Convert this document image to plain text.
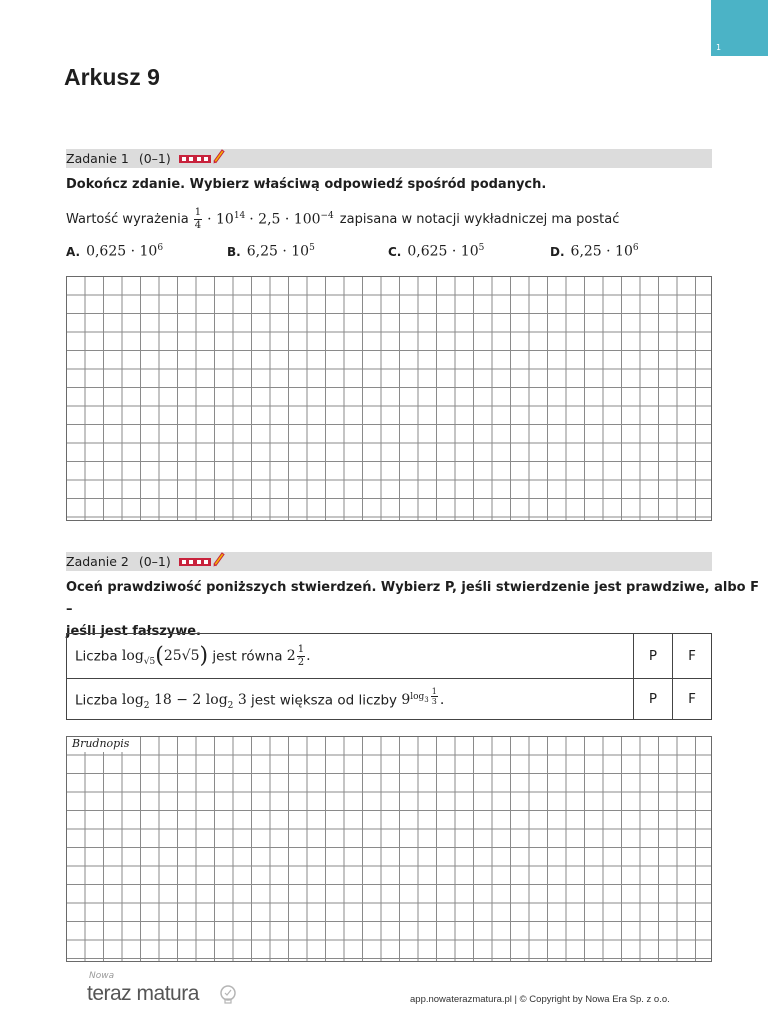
1
Arkusz 9
Zadanie 1 (0–1)
Dokończ zdanie. Wybierz właściwą odpowiedź spośród podanych.
Wartość wyrażenia $\frac{1}{4} \cdot 10^{14} \cdot 2,5 \cdot 100^{-4}$ zapisana w notacji wykładniczej ma postać
A. $0,625 \cdot 10^6$	B. $6,25 \cdot 10^5$	C. $0,625 \cdot 10^5$	D. $6,25 \cdot 10^6$
Zadanie 2 (0–1)
Oceń prawdziwość poniższych stwierdzeń. Wybierz P, jeśli stwierdzenie jest prawdziwe, albo F –
jeśli jest fałszywe.
Liczba $\log_{√5}(25√5)$ jest równa $2 \frac{1}{2}$ .	P	F
Liczba $\log_2 18 - 2$ $\log_2 3$ jest większa od liczby $9^{log_3 \frac{1}{3}}$ .	P	F
Brudnopis
Nowa
teraz matura	app.nowaterazmatura.pl | © Copyright by Nowa Era Sp. z o.o.
